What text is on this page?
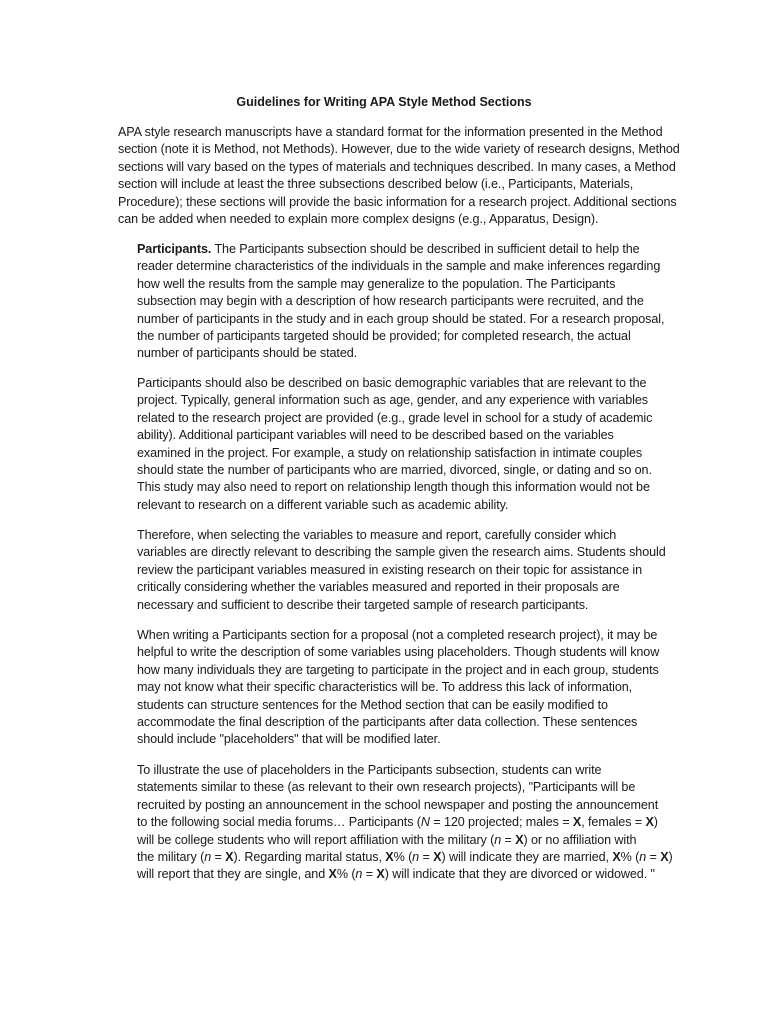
Guidelines for Writing APA Style Method Sections

APA style research manuscripts have a standard format for the information presented in the Method
section (note it is Method, not Methods). However, due to the wide variety of research designs, Method
sections will vary based on the types of materials and techniques described. In many cases, a Method
section will include at least the three subsections described below (i.e., Participants, Materials,
Procedure); these sections will provide the basic information for a research project. Additional sections
can be added when needed to explain more complex designs (e.g., Apparatus, Design).

Participants. The Participants subsection should be described in sufficient detail to help the
reader determine characteristics of the individuals in the sample and make inferences regarding
how well the results from the sample may generalize to the population. The Participants
subsection may begin with a description of how research participants were recruited, and the
number of participants in the study and in each group should be stated. For a research proposal,
the number of participants targeted should be provided; for completed research, the actual
number of participants should be stated.

Participants should also be described on basic demographic variables that are relevant to the
project. Typically, general information such as age, gender, and any experience with variables
related to the research project are provided (e.g., grade level in school for a study of academic
ability). Additional participant variables will need to be described based on the variables
examined in the project. For example, a study on relationship satisfaction in intimate couples
should state the number of participants who are married, divorced, single, or dating and so on.
This study may also need to report on relationship length though this information would not be
relevant to research on a different variable such as academic ability.

Therefore, when selecting the variables to measure and report, carefully consider which
variables are directly relevant to describing the sample given the research aims. Students should
review the participant variables measured in existing research on their topic for assistance in
critically considering whether the variables measured and reported in their proposals are
necessary and sufficient to describe their targeted sample of research participants.

When writing a Participants section for a proposal (not a completed research project), it may be
helpful to write the description of some variables using placeholders. Though students will know
how many individuals they are targeting to participate in the project and in each group, students
may not know what their specific characteristics will be. To address this lack of information,
students can structure sentences for the Method section that can be easily modified to
accommodate the final description of the participants after data collection. These sentences
should include "placeholders" that will be modified later.

To illustrate the use of placeholders in the Participants subsection, students can write
statements similar to these (as relevant to their own research projects), "Participants will be
recruited by posting an announcement in the school newspaper and posting the announcement
to the following social media forums… Participants (N = 120 projected; males = X, females = X)
will be college students who will report affiliation with the military (n = X) or no affiliation with
the military (n = X). Regarding marital status, X% (n = X) will indicate they are married, X% (n = X)
will report that they are single, and X% (n = X) will indicate that they are divorced or widowed. "
